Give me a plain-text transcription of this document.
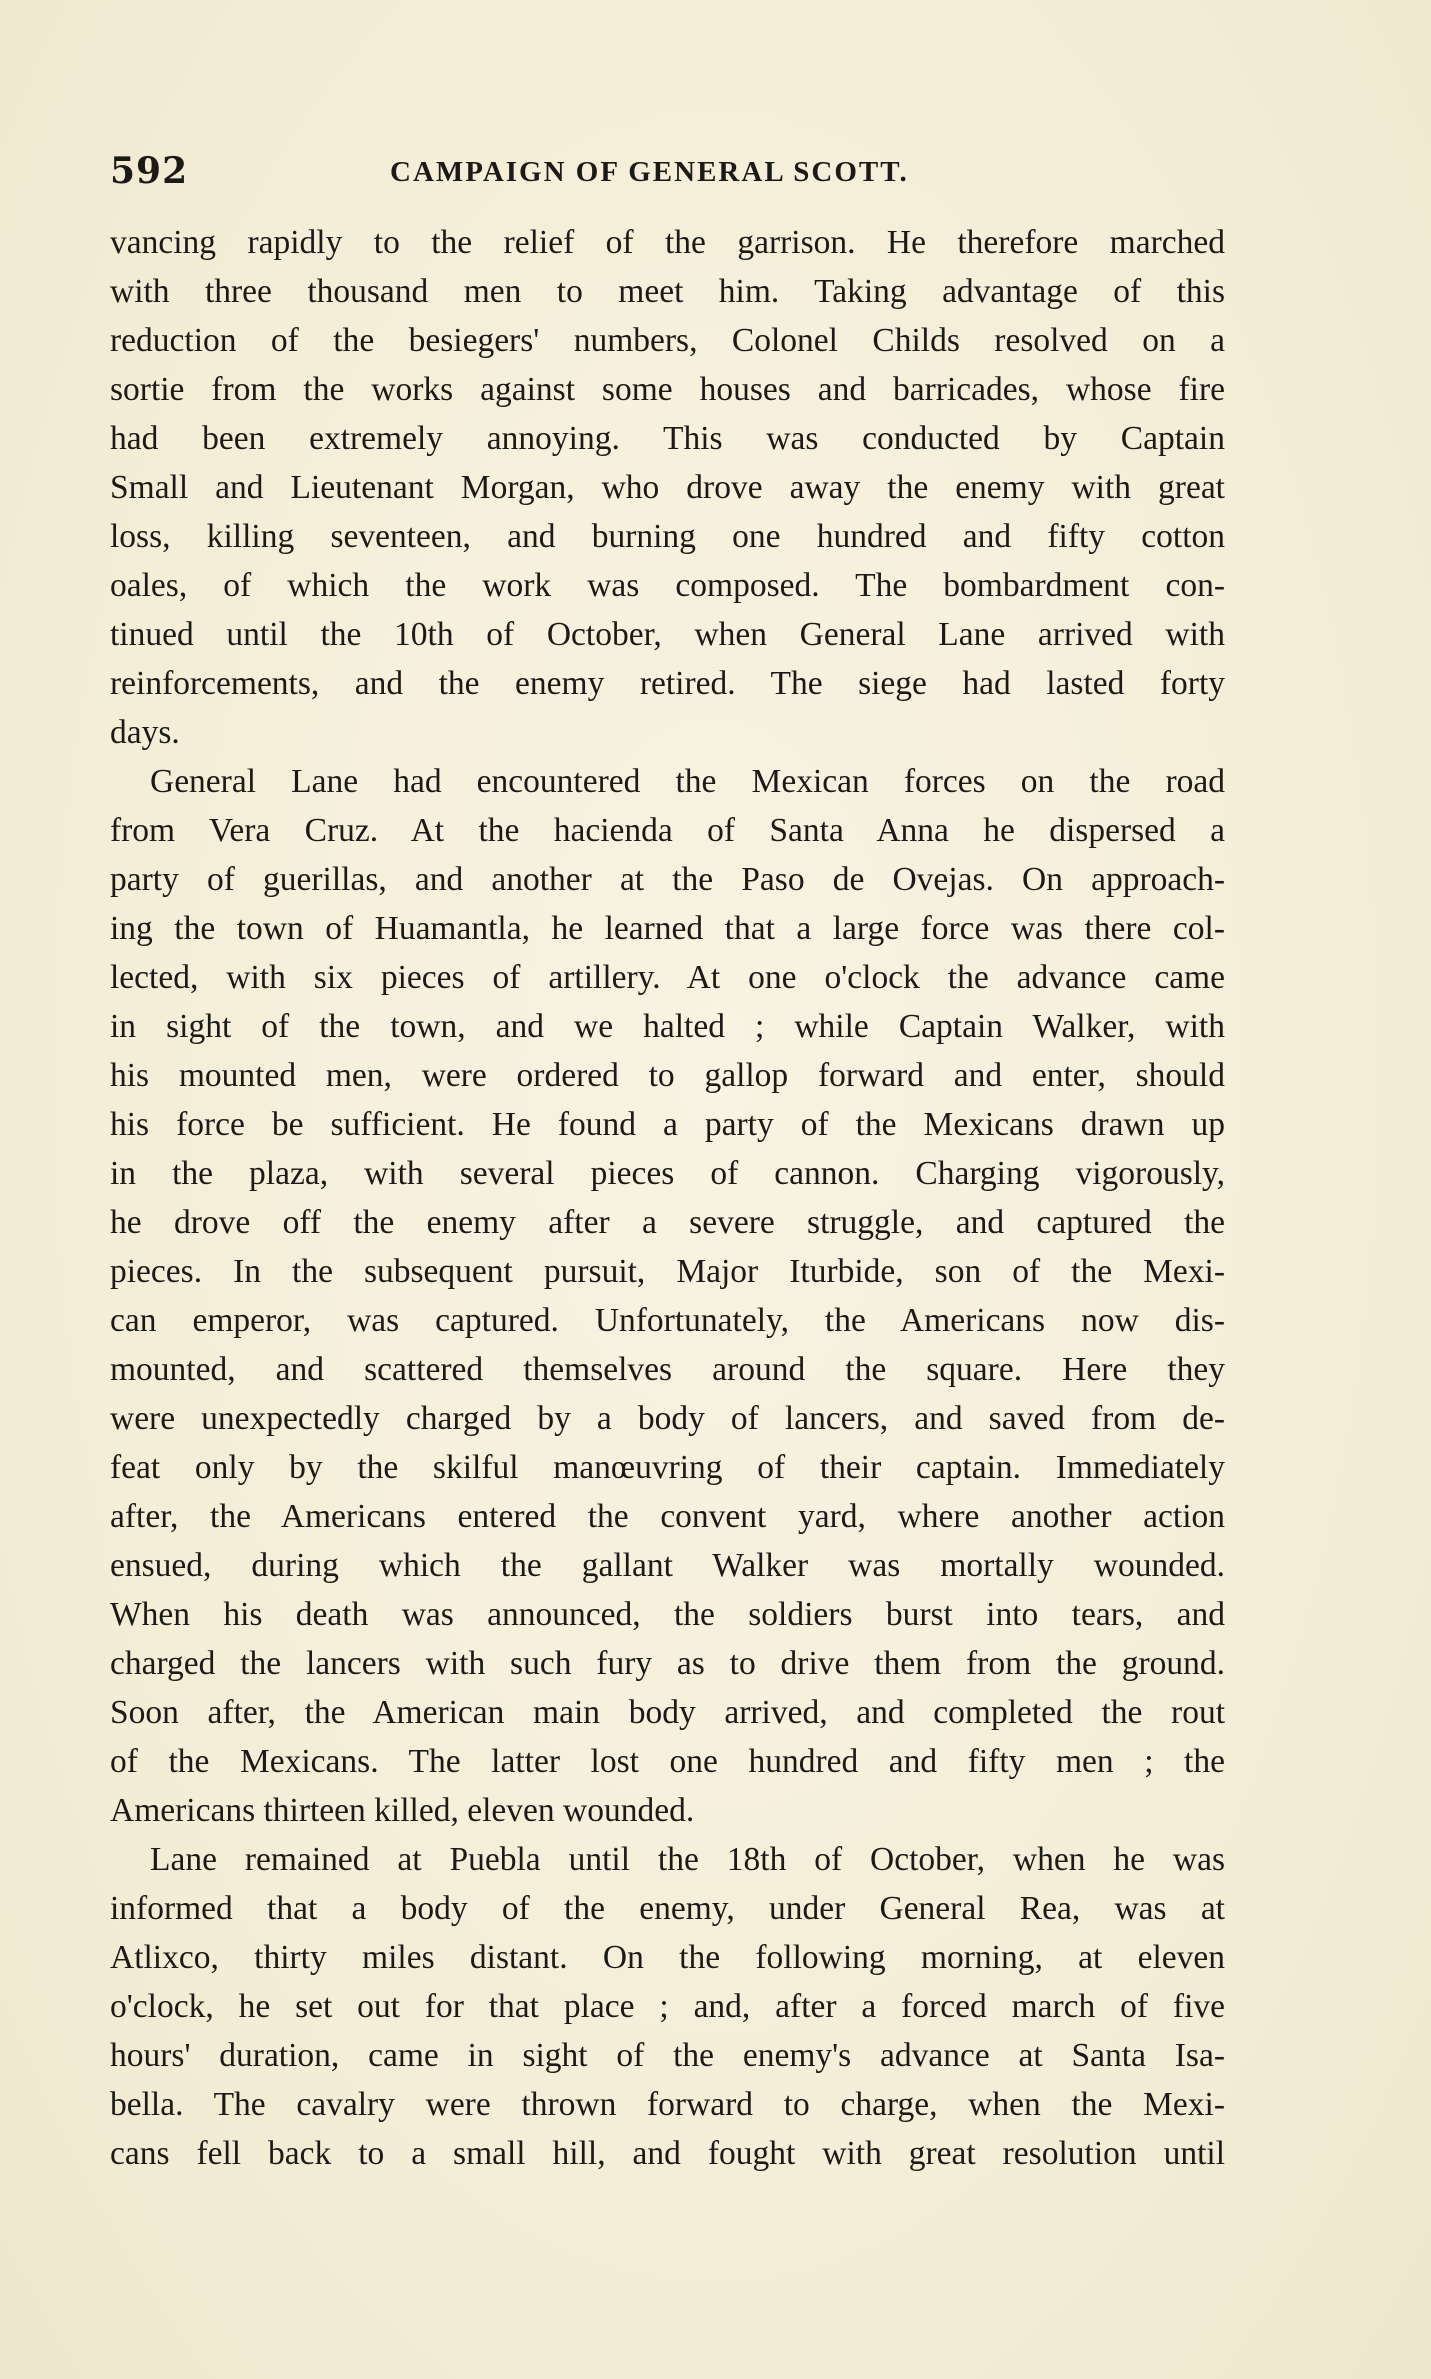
592	CAMPAIGN OF GENERAL SCOTT.
vancing rapidly to the relief of the garrison. He therefore marched
with three thousand men to meet him. Taking advantage of this
reduction of the besiegers' numbers, Colonel Childs resolved on a
sortie from the works against some houses and barricades, whose fire
had been extremely annoying. This was conducted by Captain
Small and Lieutenant Morgan, who drove away the enemy with great
loss, killing seventeen, and burning one hundred and fifty cotton
oales, of which the work was composed. The bombardment con-
tinued until the 10th of October, when General Lane arrived with
reinforcements, and the enemy retired. The siege had lasted forty
days.
General Lane had encountered the Mexican forces on the road
from Vera Cruz. At the hacienda of Santa Anna he dispersed a
party of guerillas, and another at the Paso de Ovejas. On approach-
ing the town of Huamantla, he learned that a large force was there col-
lected, with six pieces of artillery. At one o'clock the advance came
in sight of the town, and we halted ; while Captain Walker, with
his mounted men, were ordered to gallop forward and enter, should
his force be sufficient. He found a party of the Mexicans drawn up
in the plaza, with several pieces of cannon. Charging vigorously,
he drove off the enemy after a severe struggle, and captured the
pieces. In the subsequent pursuit, Major Iturbide, son of the Mexi-
can emperor, was captured. Unfortunately, the Americans now dis-
mounted, and scattered themselves around the square. Here they
were unexpectedly charged by a body of lancers, and saved from de-
feat only by the skilful manœuvring of their captain. Immediately
after, the Americans entered the convent yard, where another action
ensued, during which the gallant Walker was mortally wounded.
When his death was announced, the soldiers burst into tears, and
charged the lancers with such fury as to drive them from the ground.
Soon after, the American main body arrived, and completed the rout
of the Mexicans. The latter lost one hundred and fifty men ; the
Americans thirteen killed, eleven wounded.
Lane remained at Puebla until the 18th of October, when he was
informed that a body of the enemy, under General Rea, was at
Atlixco, thirty miles distant. On the following morning, at eleven
o'clock, he set out for that place ; and, after a forced march of five
hours' duration, came in sight of the enemy's advance at Santa Isa-
bella. The cavalry were thrown forward to charge, when the Mexi-
cans fell back to a small hill, and fought with great resolution until
